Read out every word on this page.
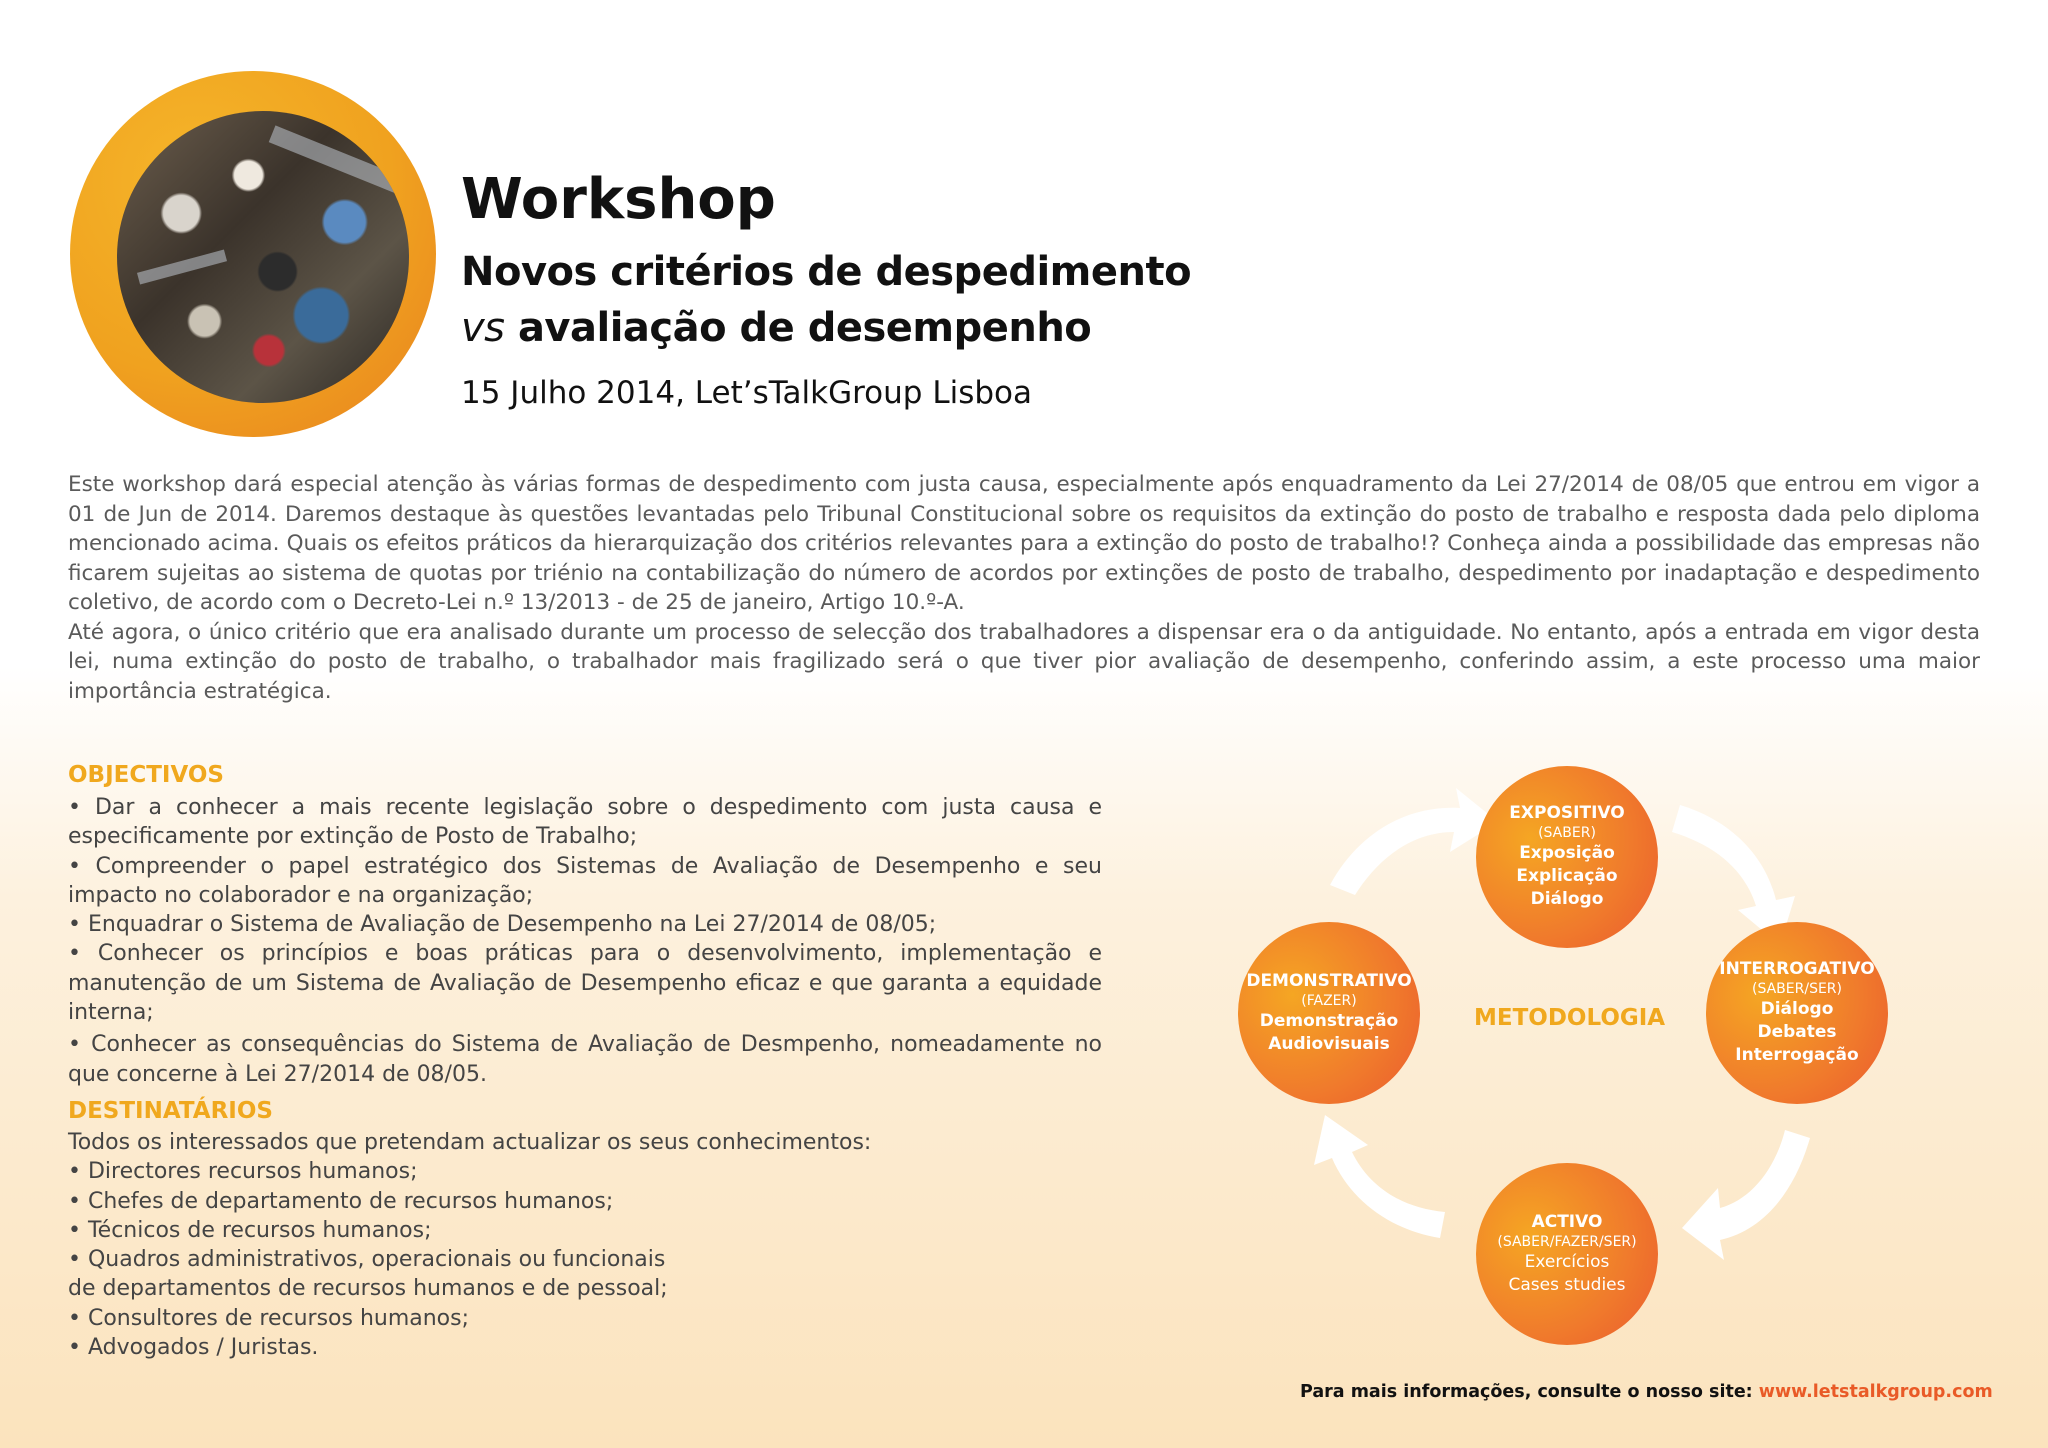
Workshop
Novos critérios de despedimento
vs avaliação de desempenho
15 Julho 2014, Let’sTalkGroup Lisboa

Este workshop dará especial atenção às várias formas de despedimento com justa causa, especialmente após enquadramento da Lei 27/2014 de 08/05 que entrou em vigor a 01 de Jun de 2014. Daremos destaque às questões levantadas pelo Tribunal Constitucional sobre os requisitos da extinção do posto de trabalho e resposta dada pelo diploma mencionado acima. Quais os efeitos práticos da hierarquização dos critérios relevantes para a extinção do posto de trabalho!? Conheça ainda a possibilidade das empresas não ficarem sujeitas ao sistema de quotas por triénio na contabilização do número de acordos por extinções de posto de trabalho, despedimento por inadaptação e despedimento coletivo, de acordo com o Decreto-Lei n.º 13/2013 - de 25 de janeiro, Artigo 10.º-A.

Até agora, o único critério que era analisado durante um processo de selecção dos trabalhadores a dispensar era o da antiguidade. No entanto, após a entrada em vigor desta lei, numa extinção do posto de trabalho, o trabalhador mais fragilizado será o que tiver pior avaliação de desempenho, conferindo assim, a este processo uma maior importância estratégica.

OBJECTIVOS
• Dar a conhecer a mais recente legislação sobre o despedimento com justa causa e especificamente por extinção de Posto de Trabalho;
• Compreender o papel estratégico dos Sistemas de Avaliação de Desempenho e seu impacto no colaborador e na organização;
• Enquadrar o Sistema de Avaliação de Desempenho na Lei 27/2014 de 08/05;
• Conhecer os princípios e boas práticas para o desenvolvimento, implementação e manutenção de um Sistema de Avaliação de Desempenho eficaz e que garanta a equidade interna;
• Conhecer as consequências do Sistema de Avaliação de Desmpenho, nomeadamente no que concerne à Lei 27/2014 de 08/05.
DESTINATÁRIOS
Todos os interessados que pretendam actualizar os seus conhecimentos:
• Directores recursos humanos;
• Chefes de departamento de recursos humanos;
• Técnicos de recursos humanos;
• Quadros administrativos, operacionais ou funcionais
de departamentos de recursos humanos e de pessoal;
• Consultores de recursos humanos;
• Advogados / Juristas.
EXPOSITIVO
(SABER)
Exposição
Explicação
Diálogo
INTERROGATIVO
(SABER/SER)
Diálogo
Debates
Interrogação
ACTIVO
(SABER/FAZER/SER)
Exercícios
Cases studies
DEMONSTRATIVO
(FAZER)
Demonstração
Audiovisuais
METODOLOGIA
Para mais informações, consulte o nosso site: www.letstalkgroup.com
